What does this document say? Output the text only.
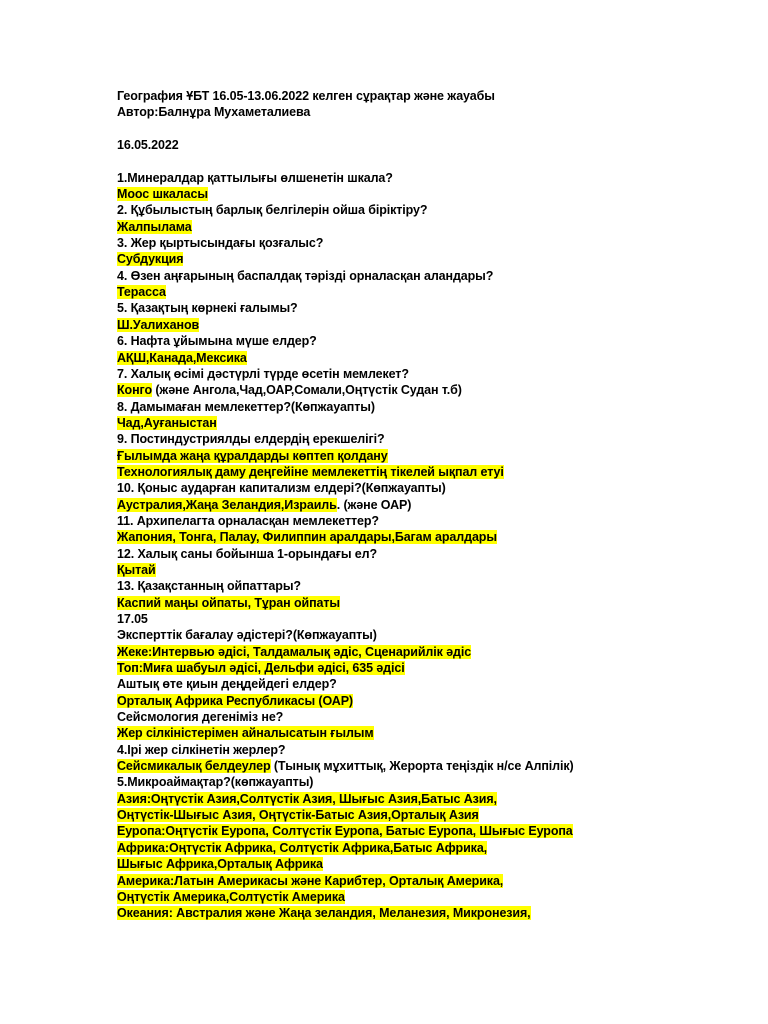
География ҰБТ 16.05-13.06.2022 келген сұрақтар және жауабы
Автор:Балнұра Мухаметалиева
16.05.2022
1.Минералдар қаттылығы өлшенетін шкала?
Моос шкаласы
2. Құбылыстың барлық белгілерін ойша біріктіру?
Жалпылама
3. Жер қыртысындағы қозғалыс?
Субдукция
4. Өзен аңғарының баспалдақ тәрізді орналасқан аландары?
Терасса
5. Қазақтың көрнекі ғалымы?
Ш.Уалиханов
6. Нафта ұйымына мүше елдер?
АҚШ,Канада,Мексика
7. Халық өсімі дәстүрлі түрде өсетін мемлекет?
Конго (және Ангола,Чад,ОАР,Сомали,Оңтүстік Судан т.б)
8. Дамымаған мемлекеттер?(Көпжауапты)
Чад,Ауғаныстан
9. Постиндустриялды елдердің ерекшелігі?
Ғылымда жаңа құралдарды көптеп қолдану
Технологиялық даму деңгейіне мемлекеттің тікелей ықпал етуі
10. Қоныс аударған капитализм елдері?(Көпжауапты)
Аустралия,Жаңа Зеландия,Израиль. (және ОАР)
11. Архипелагта орналасқан мемлекеттер?
Жапония, Тонга, Палау, Филиппин аралдары,Багам аралдары
12. Халық саны бойынша 1-орындағы ел?
Қытай
13. Қазақстанның ойпаттары?
Каспий маңы ойпаты, Тұран ойпаты
17.05
Эксперттік бағалау әдістері?(Көпжауапты)
Жеке:Интервью әдісі, Талдамалық әдіс, Сценарийлік әдіс
Топ:Миға шабуыл әдісі, Дельфи әдісі, 635 әдісі
Аштық өте қиын деңдейдегі елдер?
Орталық Африка Республикасы (ОАР)
Сейсмология дегеніміз не?
Жер сілкіністерімен айналысатын ғылым
4.Ірі жер сілкінетін жерлер?
Сейсмикалық белдеулер (Тынық мұхиттық, Жерорта теңіздік н/се Алпілік)
5.Микроаймақтар?(көпжауапты)
Азия:Оңтүстік Азия,Солтүстік Азия, Шығыс Азия,Батыс Азия,
Оңтүстік-Шығыс Азия, Оңтүстік-Батыс Азия,Орталық Азия
Еуропа:Оңтүстік Еуропа, Солтүстік Еуропа, Батыс Еуропа, Шығыс Еуропа
Африка:Оңтүстік Африка, Солтүстік Африка,Батыс Африка,
Шығыс Африка,Орталық Африка
Америка:Латын Америкасы және Карибтер, Орталық Америка,
Оңтүстік Америка,Солтүстік Америка
Океания: Австралия және Жаңа зеландия, Меланезия, Микронезия,
